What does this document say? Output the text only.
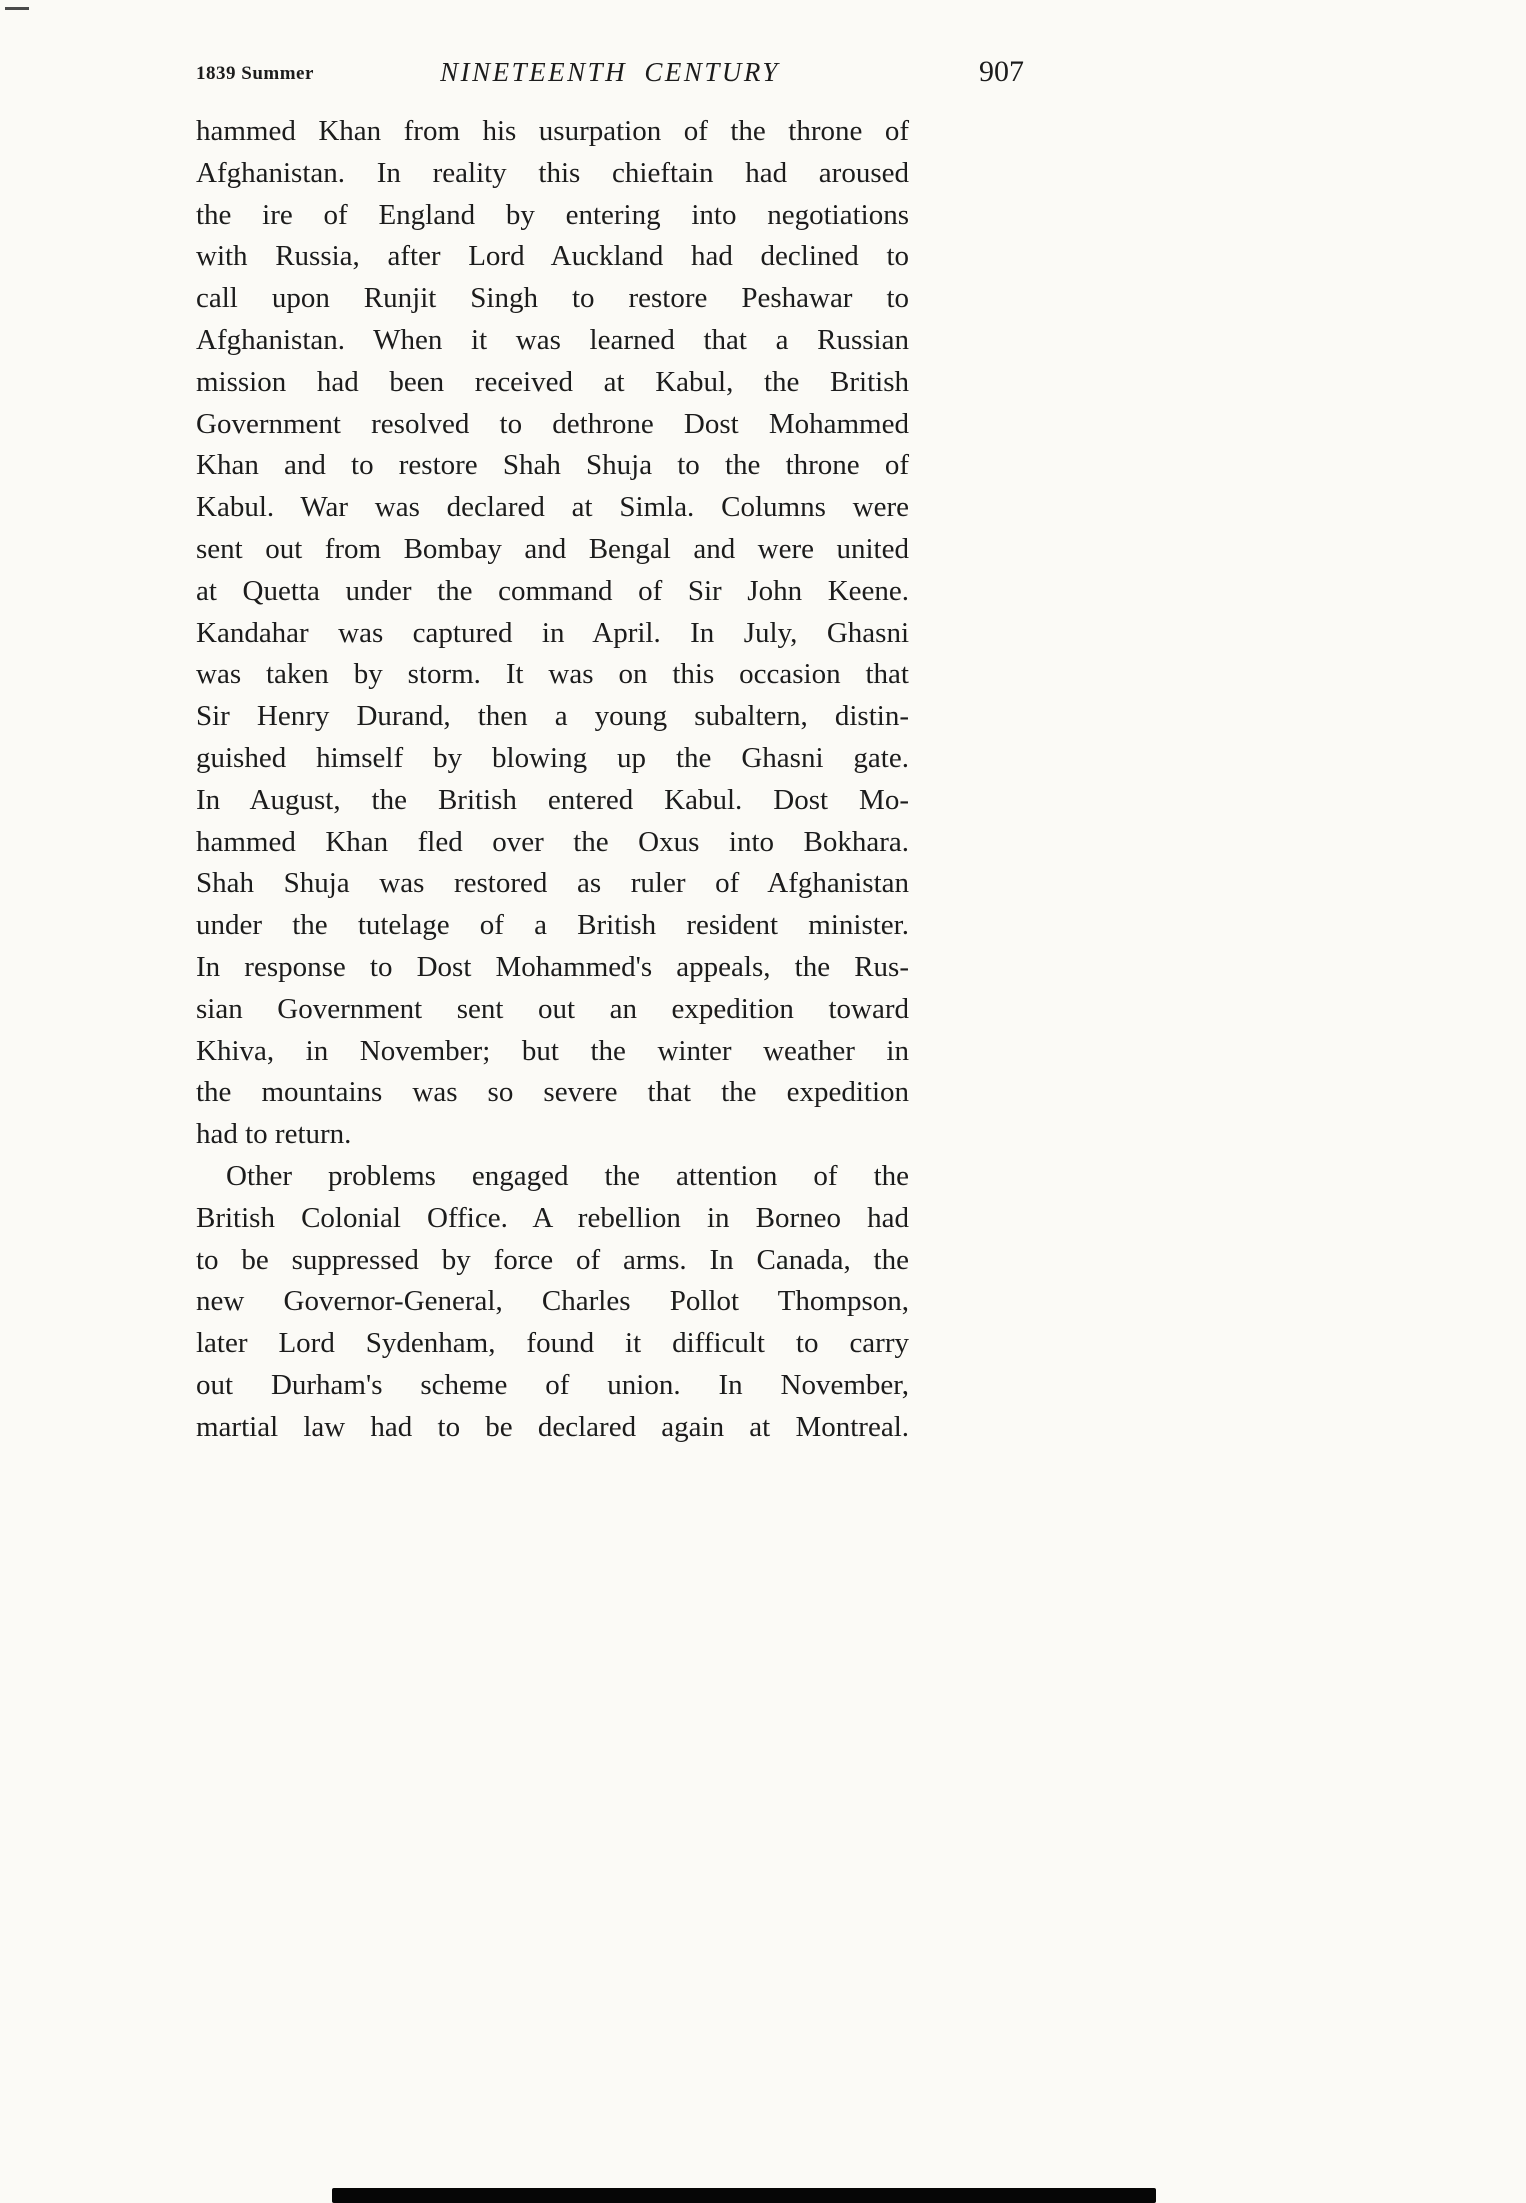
NINETEENTH CENTURY
1839 Summer	907
hammed Khan from his usurpation of the throne of
Afghanistan. In reality this chieftain had aroused
the ire of England by entering into negotiations
with Russia, after Lord Auckland had declined to
call upon Runjit Singh to restore Peshawar to
Afghanistan. When it was learned that a Russian
mission had been received at Kabul, the British
Government resolved to dethrone Dost Mohammed
Khan and to restore Shah Shuja to the throne of
Kabul. War was declared at Simla. Columns were
sent out from Bombay and Bengal and were united
at Quetta under the command of Sir John Keene.
Kandahar was captured in April. In July, Ghasni
was taken by storm. It was on this occasion that
Sir Henry Durand, then a young subaltern, distin-
guished himself by blowing up the Ghasni gate.
In August, the British entered Kabul. Dost Mo-
hammed Khan fled over the Oxus into Bokhara.
Shah Shuja was restored as ruler of Afghanistan
under the tutelage of a British resident minister.
In response to Dost Mohammed's appeals, the Rus-
sian Government sent out an expedition toward
Khiva, in November; but the winter weather in
the mountains was so severe that the expedition
had to return.
Other problems engaged the attention of the
British Colonial Office. A rebellion in Borneo had
to be suppressed by force of arms. In Canada, the
new Governor-General, Charles Pollot Thompson,
later Lord Sydenham, found it difficult to carry
out Durham's scheme of union. In November,
martial law had to be declared again at Montreal.
